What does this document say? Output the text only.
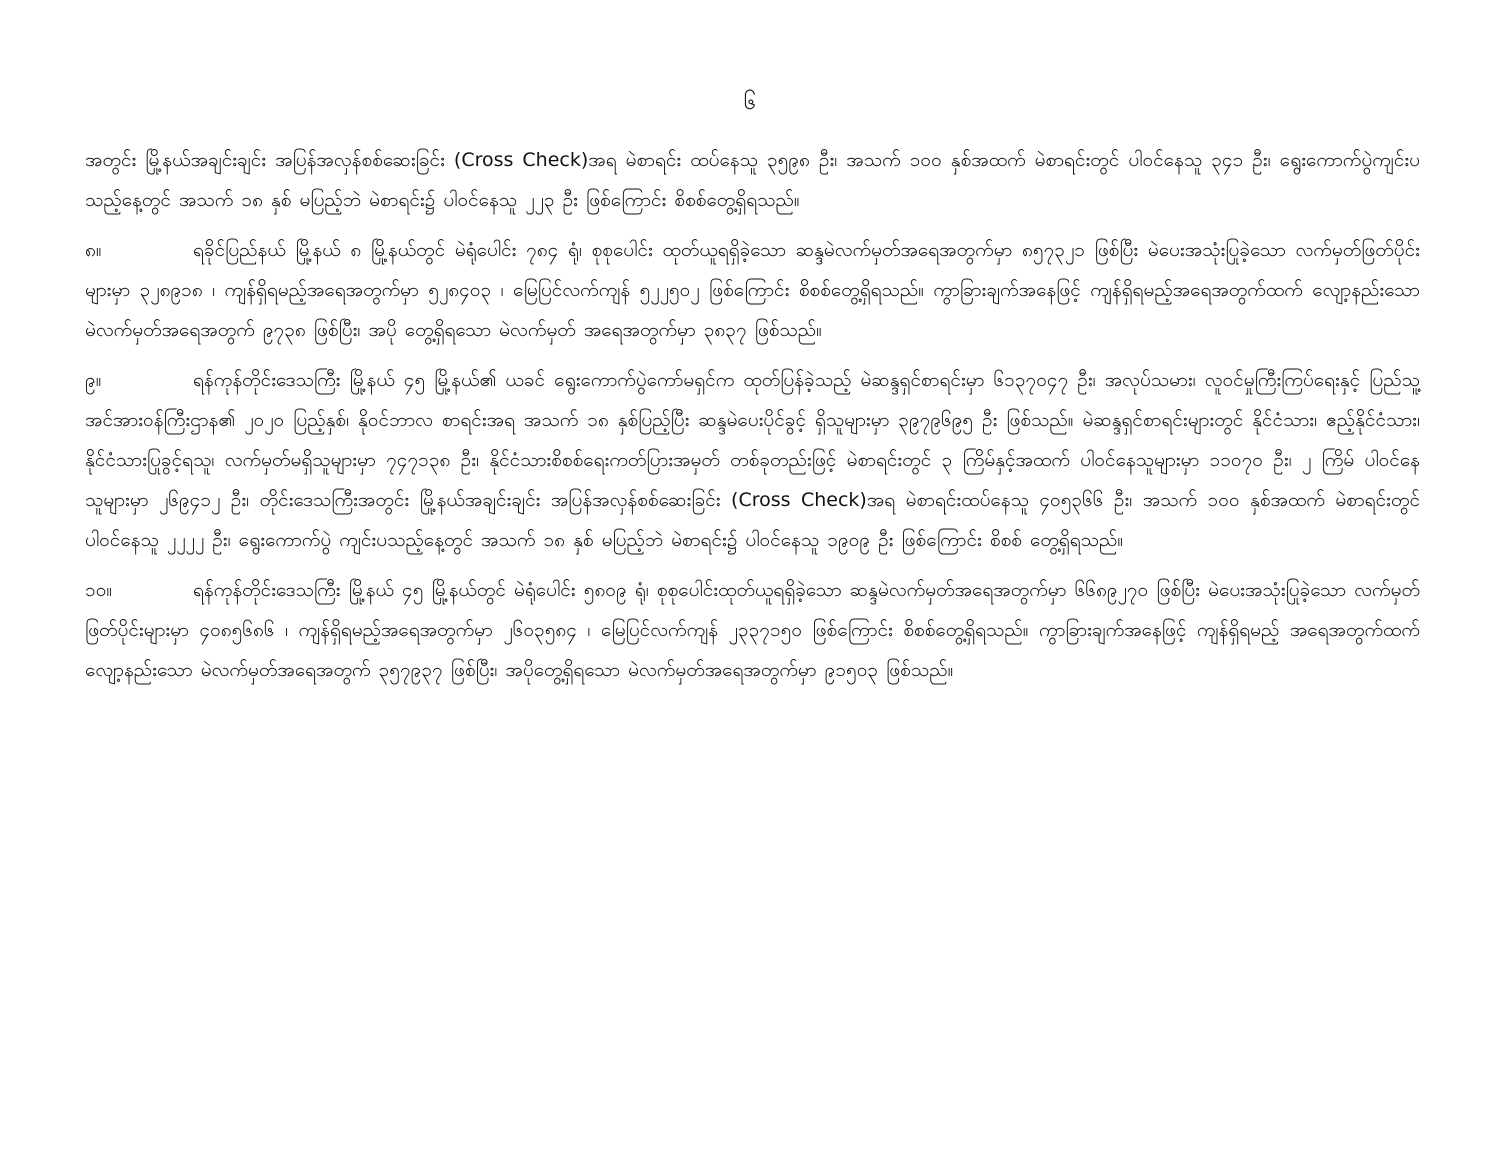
၆

အတွင်း မြို့နယ်အချင်းချင်း အပြန်အလှန်စစ်ဆေးခြင်း (Cross Check)အရ မဲစာရင်း ထပ်နေသူ ၃၅၉၈ ဦး၊ အသက် ၁၀၀ နှစ်အထက် မဲစာရင်းတွင် ပါဝင်နေသူ ၃၄၁ ဦး၊ ရွေးကောက်ပွဲကျင်းပသည့်နေ့တွင် အသက် ၁၈ နှစ် မပြည့်ဘဲ မဲစာရင်း၌ ပါဝင်နေသူ ၂၂၃ ဦး ဖြစ်ကြောင်း စိစစ်တွေ့ရှိရသည်။

၈။	ရခိုင်ပြည်နယ် မြို့နယ် ၈ မြို့နယ်တွင် မဲရုံပေါင်း ၇၈၄ ရုံ၊ စုစုပေါင်း ထုတ်ယူရရှိခဲ့သော ဆန္ဒမဲလက်မှတ်အရေအတွက်မှာ ၈၅၇၃၂၁ ဖြစ်ပြီး မဲပေးအသုံးပြုခဲ့သော လက်မှတ်ဖြတ်ပိုင်းများမှာ ၃၂၈၉၁၈ ၊ ကျန်ရှိရမည့်အရေအတွက်မှာ ၅၂၈၄၀၃ ၊ မြေပြင်လက်ကျန် ၅၂၂၅၀၂ ဖြစ်ကြောင်း စိစစ်တွေ့ရှိရသည်။ ကွာခြားချက်အနေဖြင့် ကျန်ရှိရမည့်အရေအတွက်ထက် လျော့နည်းသော မဲလက်မှတ်အရေအတွက် ၉၇၃၈ ဖြစ်ပြီး၊ အပို တွေ့ရှိရသော မဲလက်မှတ် အရေအတွက်မှာ ၃၈၃၇ ဖြစ်သည်။

၉။	ရန်ကုန်တိုင်းဒေသကြီး မြို့နယ် ၄၅ မြို့နယ်၏ ယခင် ရွေးကောက်ပွဲကော်မရှင်က ထုတ်ပြန်ခဲ့သည့် မဲဆန္ဒရှင်စာရင်းမှာ ၆၁၃၇၀၄၇ ဦး၊ အလုပ်သမား၊ လူဝင်မှုကြီးကြပ်ရေးနှင့် ပြည်သူ့အင်အားဝန်ကြီးဌာန၏ ၂၀၂၀ ပြည့်နှစ်၊ နိုဝင်ဘာလ စာရင်းအရ အသက် ၁၈ နှစ်ပြည့်ပြီး ဆန္ဒမဲပေးပိုင်ခွင့် ရှိသူများမှာ ၃၉၇၉၆၉၅ ဦး ဖြစ်သည်။ မဲဆန္ဒရှင်စာရင်းများတွင် နိုင်ငံသား၊ ဧည့်နိုင်ငံသား၊ နိုင်ငံသားပြုခွင့်ရသူ၊ လက်မှတ်မရှိသူများမှာ ၇၄၇၁၃၈ ဦး၊ နိုင်ငံသားစိစစ်ရေးကတ်ပြားအမှတ် တစ်ခုတည်းဖြင့် မဲစာရင်းတွင် ၃ ကြိမ်နှင့်အထက် ပါဝင်နေသူများမှာ ၁၁၀၇၀ ဦး၊ ၂ ကြိမ် ပါဝင်နေသူများမှာ ၂၆၉၄၁၂ ဦး၊ တိုင်းဒေသကြီးအတွင်း မြို့နယ်အချင်းချင်း အပြန်အလှန်စစ်ဆေးခြင်း (Cross Check)အရ မဲစာရင်းထပ်နေသူ ၄၀၅၃၆၆ ဦး၊ အသက် ၁၀၀ နှစ်အထက် မဲစာရင်းတွင် ပါဝင်နေသူ ၂၂၂၂ ဦး၊ ရွေးကောက်ပွဲ ကျင်းပသည့်နေ့တွင် အသက် ၁၈ နှစ် မပြည့်ဘဲ မဲစာရင်း၌ ပါဝင်နေသူ ၁၉၀၉ ဦး ဖြစ်ကြောင်း စိစစ် တွေ့ရှိရသည်။

၁၀။	ရန်ကုန်တိုင်းဒေသကြီး မြို့နယ် ၄၅ မြို့နယ်တွင် မဲရုံပေါင်း ၅၈၀၉ ရုံ၊ စုစုပေါင်းထုတ်ယူရရှိခဲ့သော ဆန္ဒမဲလက်မှတ်အရေအတွက်မှာ ၆၆၈၉၂၇၀ ဖြစ်ပြီး မဲပေးအသုံးပြုခဲ့သော လက်မှတ်ဖြတ်ပိုင်းများမှာ ၄၀၈၅၆၈၆ ၊ ကျန်ရှိရမည့်အရေအတွက်မှာ ၂၆၀၃၅၈၄ ၊ မြေပြင်လက်ကျန် ၂၃၃၇၁၅၀ ဖြစ်ကြောင်း စိစစ်တွေ့ရှိရသည်။ ကွာခြားချက်အနေဖြင့် ကျန်ရှိရမည့် အရေအတွက်ထက် လျော့နည်းသော မဲလက်မှတ်အရေအတွက် ၃၅၇၉၃၇ ဖြစ်ပြီး၊ အပိုတွေ့ရှိရသော မဲလက်မှတ်အရေအတွက်မှာ ၉၁၅၀၃ ဖြစ်သည်။
